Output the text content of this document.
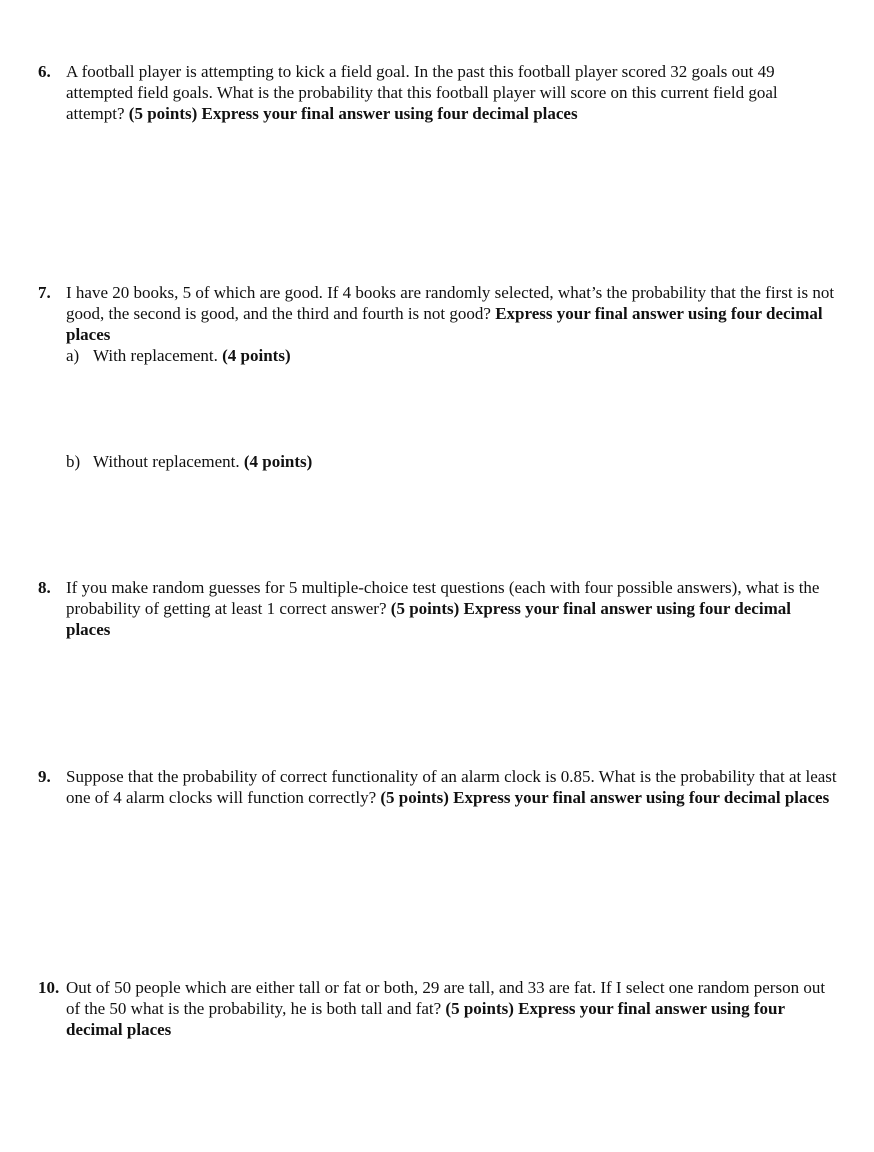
6. A football player is attempting to kick a field goal. In the past this football player scored 32 goals out 49 attempted field goals. What is the probability that this football player will score on this current field goal attempt? (5 points) Express your final answer using four decimal places
7. I have 20 books, 5 of which are good. If 4 books are randomly selected, what’s the probability that the first is not good, the second is good, and the third and fourth is not good? Express your final answer using four decimal places
a) With replacement. (4 points)
b) Without replacement. (4 points)
8. If you make random guesses for 5 multiple-choice test questions (each with four possible answers), what is the probability of getting at least 1 correct answer? (5 points) Express your final answer using four decimal places
9. Suppose that the probability of correct functionality of an alarm clock is 0.85. What is the probability that at least one of 4 alarm clocks will function correctly? (5 points) Express your final answer using four decimal places
10. Out of 50 people which are either tall or fat or both, 29 are tall, and 33 are fat. If I select one random person out of the 50 what is the probability, he is both tall and fat? (5 points) Express your final answer using four decimal places
